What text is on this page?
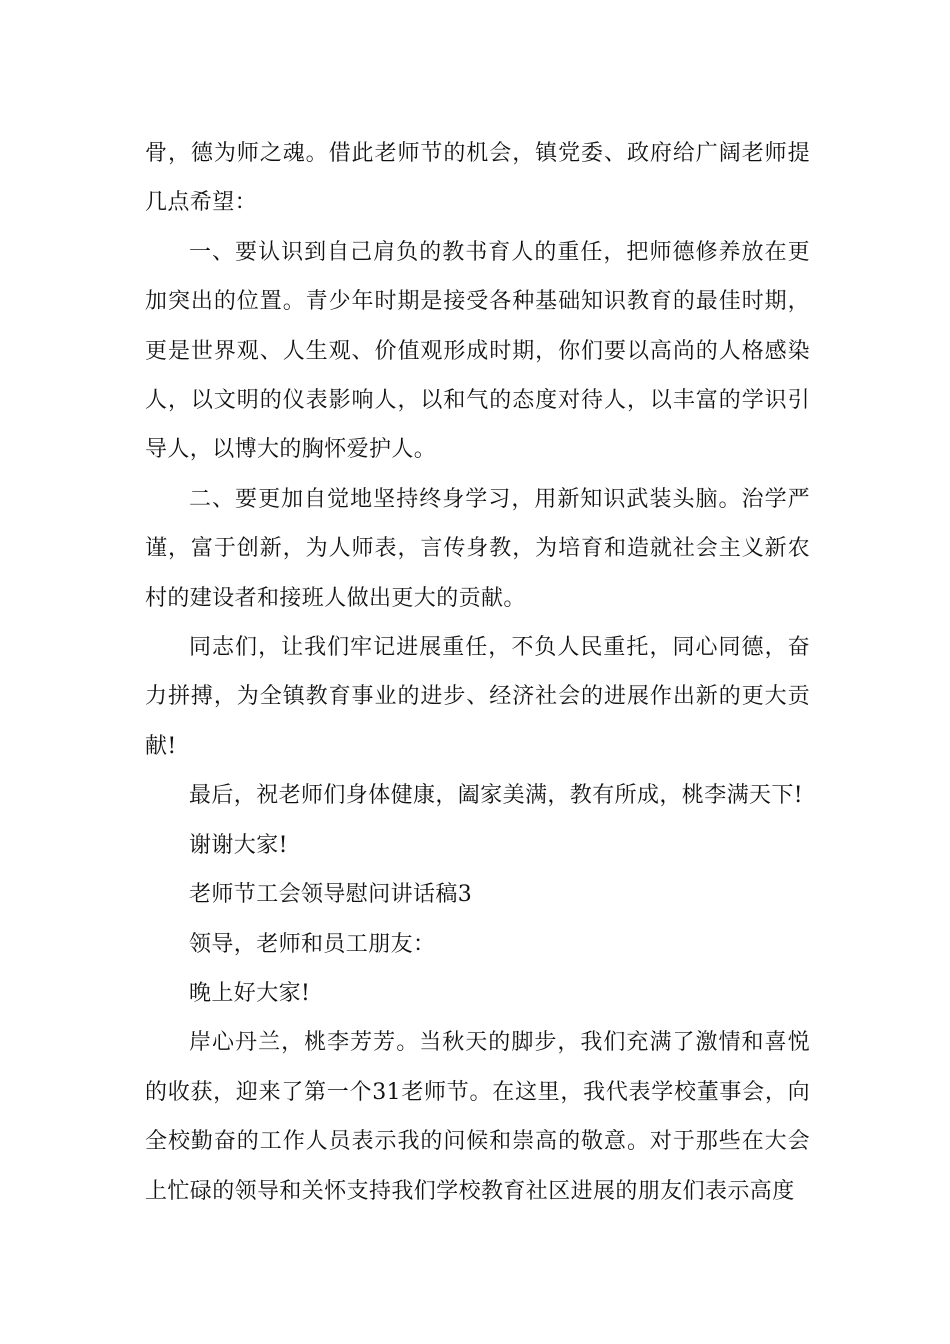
骨，德为师之魂。借此老师节的机会，镇党委、政府给广阔老师提几点希望：

一、要认识到自己肩负的教书育人的重任，把师德修养放在更加突出的位置。青少年时期是接受各种基础知识教育的最佳时期，更是世界观、人生观、价值观形成时期，你们要以高尚的人格感染人，以文明的仪表影响人，以和气的态度对待人，以丰富的学识引导人，以博大的胸怀爱护人。

二、要更加自觉地坚持终身学习，用新知识武装头脑。治学严谨，富于创新，为人师表，言传身教，为培育和造就社会主义新农村的建设者和接班人做出更大的贡献。

同志们，让我们牢记进展重任，不负人民重托，同心同德，奋力拼搏，为全镇教育事业的进步、经济社会的进展作出新的更大贡献!

最后，祝老师们身体健康，阖家美满，教有所成，桃李满天下!

谢谢大家!

老师节工会领导慰问讲话稿3

领导，老师和员工朋友：

晚上好大家!

岸心丹兰，桃李芳芳。当秋天的脚步，我们充满了激情和喜悦的收获，迎来了第一个31老师节。在这里，我代表学校董事会，向全校勤奋的工作人员表示我的问候和崇高的敬意。对于那些在大会上忙碌的领导和关怀支持我们学校教育社区进展的朋友们表示高度
